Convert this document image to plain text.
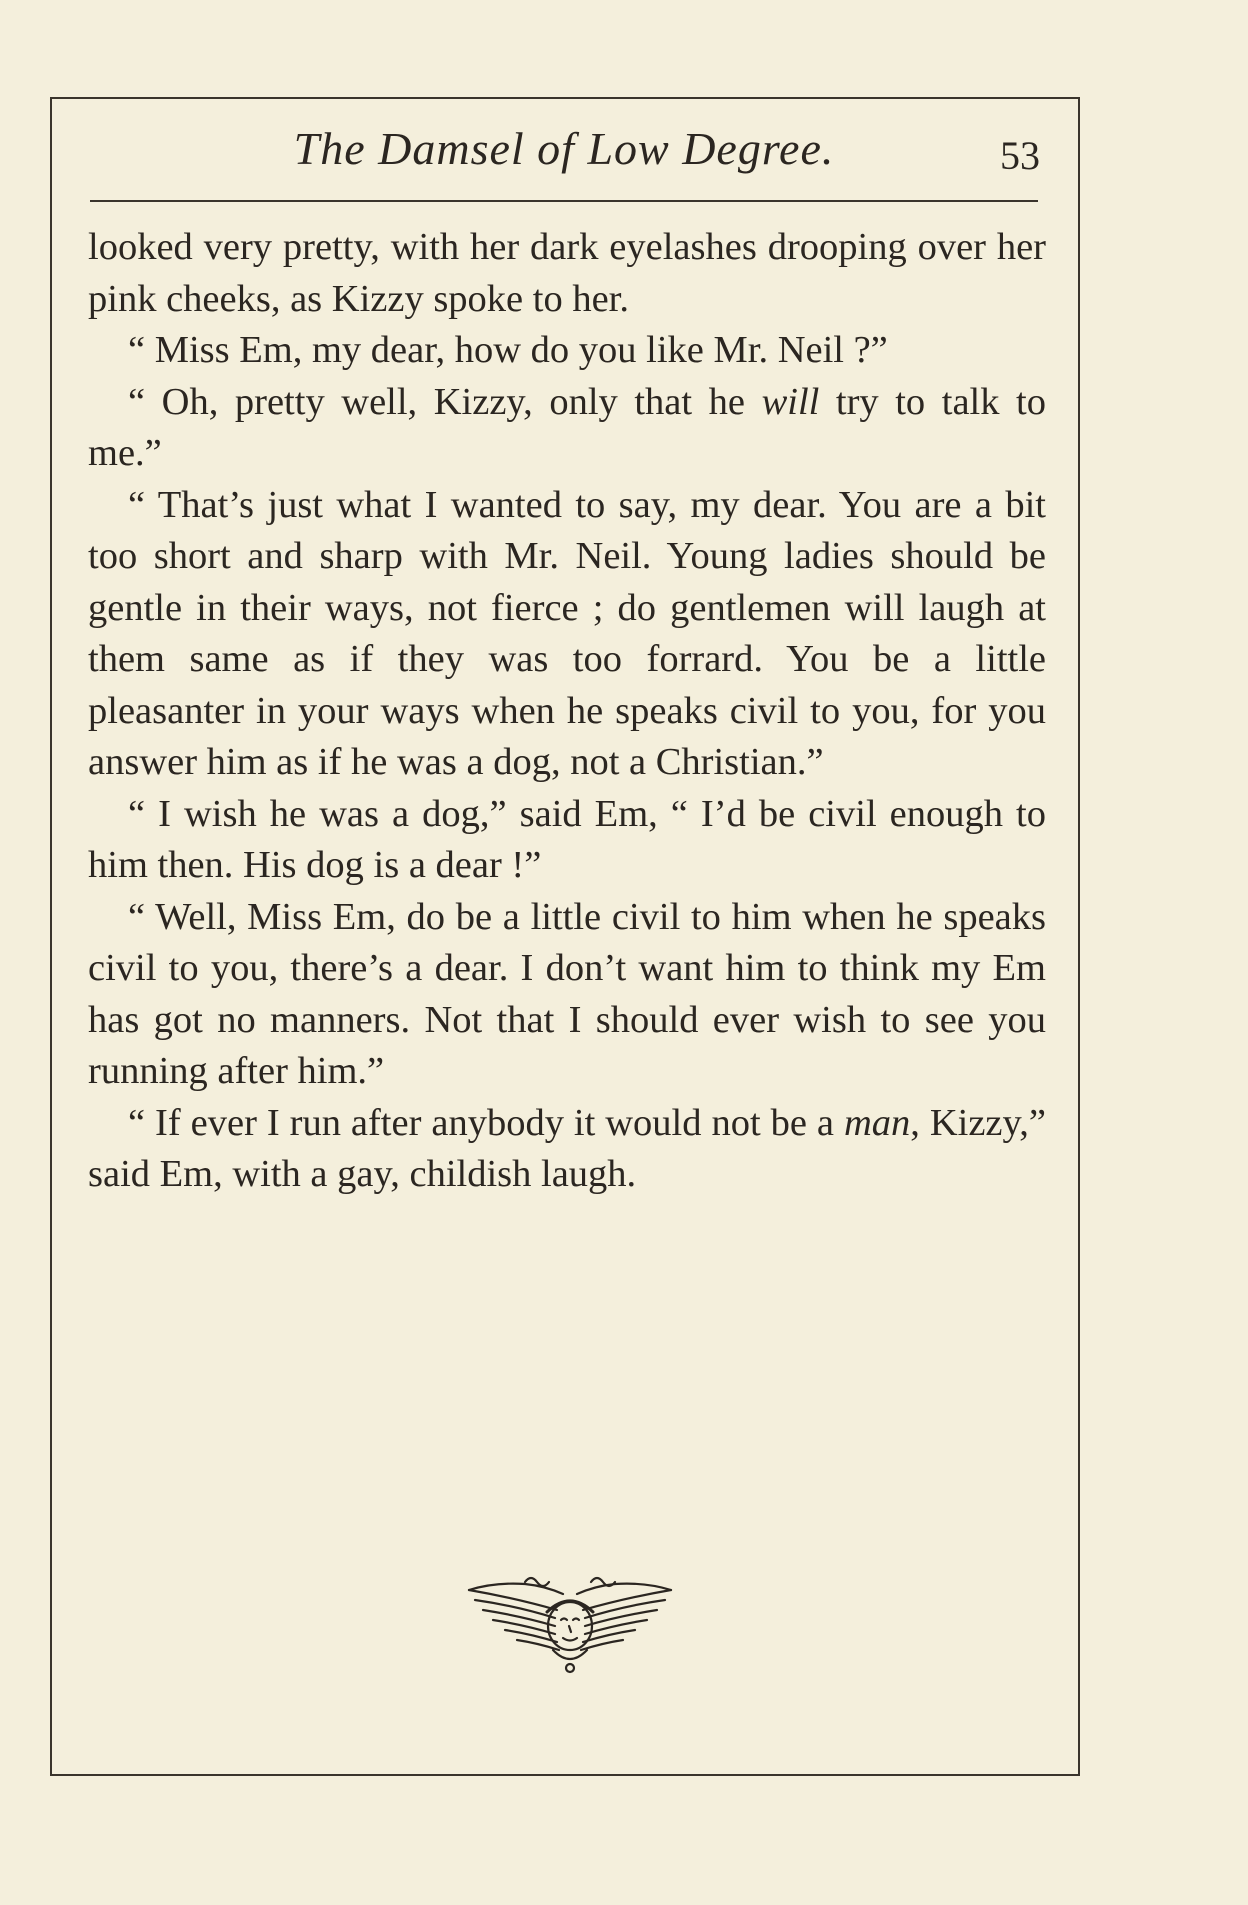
The Damsel of Low Degree.	53

looked very pretty, with her dark eyelashes drooping over her pink cheeks, as Kizzy spoke to her.

“ Miss Em, my dear, how do you like Mr. Neil ?”

“ Oh, pretty well, Kizzy, only that he will try to talk to me.”

“ That’s just what I wanted to say, my dear. You are a bit too short and sharp with Mr. Neil. Young ladies should be gentle in their ways, not fierce ; do gentlemen will laugh at them same as if they was too forrard. You be a little pleasanter in your ways when he speaks civil to you, for you answer him as if he was a dog, not a Christian.”

“ I wish he was a dog,” said Em, “ I’d be civil enough to him then. His dog is a dear !”

“ Well, Miss Em, do be a little civil to him when he speaks civil to you, there’s a dear. I don’t want him to think my Em has got no manners. Not that I should ever wish to see you running after him.”

“ If ever I run after anybody it would not be a man, Kizzy,” said Em, with a gay, childish laugh.
